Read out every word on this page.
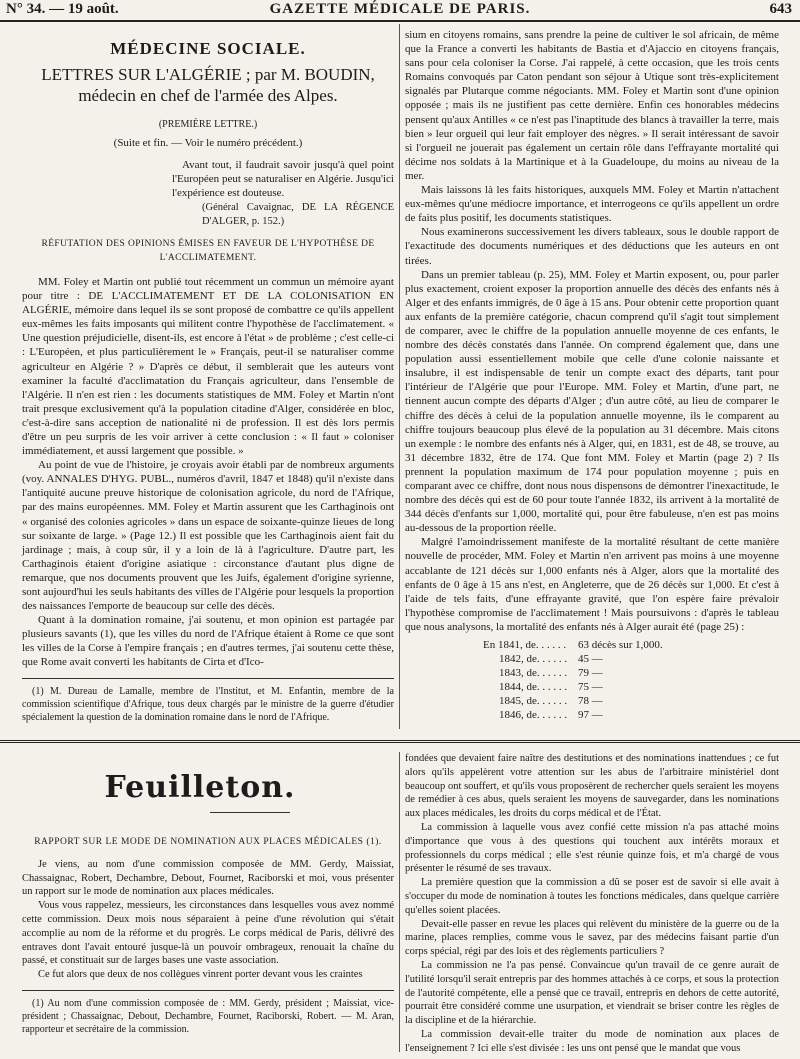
N° 34. — 19 août.	GAZETTE MÉDICALE DE PARIS.	643

MÉDECINE SOCIALE.

LETTRES SUR L'ALGÉRIE ; par M. BOUDIN, médecin en chef de l'armée des Alpes.

(PREMIÈRE LETTRE.)

(Suite et fin. — Voir le numéro précédent.)

Avant tout, il faudrait savoir jusqu'à quel point l'Européen peut se naturaliser en Algérie. Jusqu'ici l'expérience est douteuse.

(Général Cavaignac, DE LA RÉGENCE D'ALGER, p. 152.)

RÉFUTATION DES OPINIONS ÉMISES EN FAVEUR DE L'HYPOTHÈSE DE L'ACCLIMATEMENT.

MM. Foley et Martin ont publié tout récemment un commun un mémoire ayant pour titre : DE L'ACCLIMATEMENT ET DE LA COLONISATION EN ALGÉRIE, mémoire dans lequel ils se sont proposé de combattre ce qu'ils appellent eux-mêmes les faits imposants qui militent contre l'hypothèse de l'acclimatement. « Une question préjudicielle, disent-ils, est encore à l'état » de problème ; c'est celle-ci : L'Européen, et plus particulièrement le » Français, peut-il se naturaliser comme agriculteur en Algérie ? » D'après ce début, il semblerait que les auteurs vont examiner la faculté d'acclimatation du Français agriculteur, dans l'ensemble de l'Algérie. Il n'en est rien : les documents statistiques de MM. Foley et Martin n'ont trait presque exclusivement qu'à la population citadine d'Alger, considérée en bloc, c'est-à-dire sans acception de nationalité ni de profession. Il est dès lors permis d'être un peu surpris de les voir arriver à cette conclusion : « Il faut » coloniser immédiatement, et aussi largement que possible. »

Au point de vue de l'histoire, je croyais avoir établi par de nombreux arguments (voy. ANNALES D'HYG. PUBL., numéros d'avril, 1847 et 1848) qu'il n'existe dans l'antiquité aucune preuve historique de colonisation agricole, du nord de l'Afrique, par des mains européennes. MM. Foley et Martin assurent que les Carthaginois ont « organisé des colonies agricoles » dans un espace de soixante-quinze lieues de long sur soixante de large. » (Page 12.) Il est possible que les Carthaginois aient fait du jardinage ; mais, à coup sûr, il y a loin de là à l'agriculture. D'autre part, les Carthaginois étaient d'origine asiatique : circonstance d'autant plus digne de remarque, que nos documents prouvent que les Juifs, également d'origine syrienne, sont aujourd'hui les seuls habitants des villes de l'Algérie pour lesquels la proportion des naissances l'emporte de beaucoup sur celle des décès.

Quant à la domination romaine, j'ai soutenu, et mon opinion est partagée par plusieurs savants (1), que les villes du nord de l'Afrique étaient à Rome ce que sont les villes de la Corse à l'empire français ; en d'autres termes, j'ai soutenu cette thèse, que Rome avait converti les habitants de Cirta et d'Ico-

(1) M. Dureau de Lamalle, membre de l'Institut, et M. Enfantin, membre de la commission scientifique d'Afrique, tous deux chargés par le ministre de la guerre d'étudier spécialement la question de la domination romaine dans le nord de l'Afrique.

sium en citoyens romains, sans prendre la peine de cultiver le sol africain, de même que la France a converti les habitants de Bastia et d'Ajaccio en citoyens français, sans pour cela coloniser la Corse. J'ai rappelé, à cette occasion, que les trois cents Romains convoqués par Caton pendant son séjour à Utique sont très-explicitement signalés par Plutarque comme négociants. MM. Foley et Martin sont d'une opinion opposée ; mais ils ne justifient pas cette dernière. Enfin ces honorables médecins pensent qu'aux Antilles « ce n'est pas l'inaptitude des blancs à travailler la terre, mais bien » leur orgueil qui leur fait employer des nègres. » Il serait intéressant de savoir si l'orgueil ne jouerait pas également un certain rôle dans l'effrayante mortalité qui décime nos soldats à la Martinique et à la Guadeloupe, du moins au niveau de la mer.

Mais laissons là les faits historiques, auxquels MM. Foley et Martin n'attachent eux-mêmes qu'une médiocre importance, et interrogeons ce qu'ils appellent un ordre de faits plus positif, les documents statistiques.

Nous examinerons successivement les divers tableaux, sous le double rapport de l'exactitude des documents numériques et des déductions que les auteurs en ont tirées.

Dans un premier tableau (p. 25), MM. Foley et Martin exposent, ou, pour parler plus exactement, croient exposer la proportion annuelle des décès des enfants nés à Alger et des enfants immigrés, de 0 âge à 15 ans. Pour obtenir cette proportion quant aux enfants de la première catégorie, chacun comprend qu'il s'agit tout simplement de comparer, avec le chiffre de la population annuelle moyenne de ces enfants, le nombre des décès constatés dans l'année. On comprend également que, dans une population aussi essentiellement mobile que celle d'une colonie naissante et insalubre, il est indispensable de tenir un compte exact des départs, tant pour l'intérieur de l'Algérie que pour l'Europe. MM. Foley et Martin, d'une part, ne tiennent aucun compte des départs d'Alger ; d'un autre côté, au lieu de comparer le chiffre des décès à celui de la population annuelle moyenne, ils le comparent au chiffre toujours beaucoup plus élevé de la population au 31 décembre. Mais citons un exemple : le nombre des enfants nés à Alger, qui, en 1831, est de 48, se trouve, au 31 décembre 1832, être de 174. Que font MM. Foley et Martin (page 2) ? Ils prennent la population maximum de 174 pour population moyenne ; puis en comparant avec ce chiffre, dont nous nous dispensons de démontrer l'inexactitude, le nombre des décès qui est de 60 pour toute l'année 1832, ils arrivent à la mortalité de 344 décès d'enfants sur 1,000, mortalité qui, pour être fabuleuse, n'en est pas moins au-dessous de la proportion réelle.

Malgré l'amoindrissement manifeste de la mortalité résultant de cette manière nouvelle de procéder, MM. Foley et Martin n'en arrivent pas moins à une moyenne accablante de 121 décès sur 1,000 enfants nés à Alger, alors que la mortalité des enfants de 0 âge à 15 ans n'est, en Angleterre, que de 26 décès sur 1,000. Et c'est à l'aide de tels faits, d'une effrayante gravité, que l'on espère faire prévaloir l'hypothèse compromise de l'acclimatement ! Mais poursuivons : d'après le tableau que nous analysons, la mortalité des enfants nés à Alger aurait été (page 25) :

En 1841, de. . . . . . 63 décès sur 1,000.
1842, de. . . . . . 45 —
1843, de. . . . . . 79 —
1844, de. . . . . . 75 —
1845, de. . . . . . 78 —
1846, de. . . . . . 97 —
Feuilleton.

RAPPORT SUR LE MODE DE NOMINATION AUX PLACES MÉDICALES (1).

Je viens, au nom d'une commission composée de MM. Gerdy, Maissiat, Chassaignac, Robert, Dechambre, Debout, Fournet, Raciborski et moi, vous présenter un rapport sur le mode de nomination aux places médicales.

Vous vous rappelez, messieurs, les circonstances dans lesquelles vous avez nommé cette commission. Deux mois nous séparaient à peine d'une révolution qui s'était accomplie au nom de la réforme et du progrès. Le corps médical de Paris, délivré des entraves dont l'avait entouré jusque-là un pouvoir ombrageux, renouait la chaîne du passé, et constituait sur de larges bases une vaste association.

Ce fut alors que deux de nos collègues vinrent porter devant vous les craintes

(1) Au nom d'une commission composée de : MM. Gerdy, président ; Maissiat, vice-président ; Chassaignac, Debout, Dechambre, Fournet, Raciborski, Robert. — M. Aran, rapporteur et secrétaire de la commission.

fondées que devaient faire naître des destitutions et des nominations inattendues ; ce fut alors qu'ils appelèrent votre attention sur les abus de l'arbitraire ministériel dont beaucoup ont souffert, et qu'ils vous proposèrent de rechercher quels seraient les moyens de remédier à ces abus, quels seraient les moyens de sauvegarder, dans les nominations aux places médicales, les droits du corps médical et de l'État.

La commission à laquelle vous avez confié cette mission n'a pas attaché moins d'importance que vous à des questions qui touchent aux intérêts moraux et professionnels du corps médical ; elle s'est réunie quinze fois, et m'a chargé de vous présenter le résumé de ses travaux.

La première question que la commission a dû se poser est de savoir si elle avait à s'occuper du mode de nomination à toutes les fonctions médicales, dans quelque carrière qu'elles soient placées.

Devait-elle passer en revue les places qui relèvent du ministère de la guerre ou de la marine, places remplies, comme vous le savez, par des médecins faisant partie d'un corps spécial, régi par des lois et des règlements particuliers ?

La commission ne l'a pas pensé. Convaincue qu'un travail de ce genre aurait de l'utilité lorsqu'il serait entrepris par des hommes attachés à ce corps, et sous la protection de l'autorité compétente, elle a pensé que ce travail, entrepris en dehors de cette autorité, pourrait être considéré comme une usurpation, et viendrait se briser contre les règles de la discipline et de la hiérarchie.

La commission devait-elle traiter du mode de nomination aux places de l'enseignement ? Ici elle s'est divisée : les uns ont pensé que le mandat que vous
